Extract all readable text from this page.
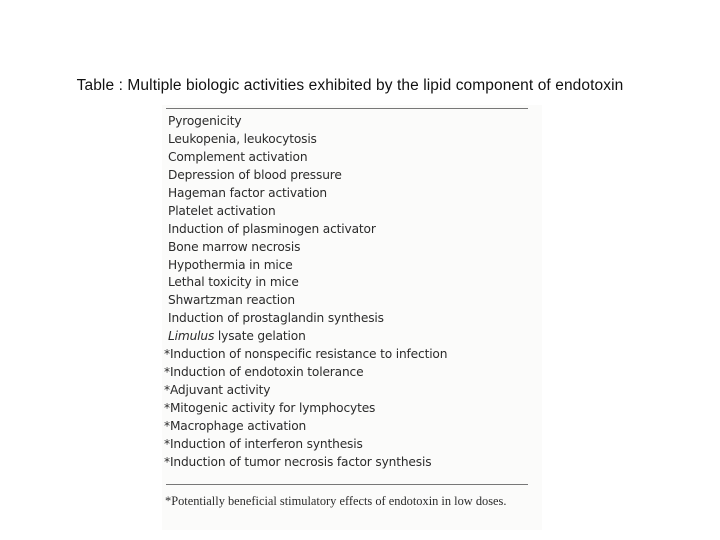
Table : Multiple biologic activities exhibited by the lipid component of endotoxin
Pyrogenicity
Leukopenia, leukocytosis
Complement activation
Depression of blood pressure
Hageman factor activation
Platelet activation
Induction of plasminogen activator
Bone marrow necrosis
Hypothermia in mice
Lethal toxicity in mice
Shwartzman reaction
Induction of prostaglandin synthesis
Limulus lysate gelation
*Induction of nonspecific resistance to infection
*Induction of endotoxin tolerance
*Adjuvant activity
*Mitogenic activity for lymphocytes
*Macrophage activation
*Induction of interferon synthesis
*Induction of tumor necrosis factor synthesis
*Potentially beneficial stimulatory effects of endotoxin in low doses.
